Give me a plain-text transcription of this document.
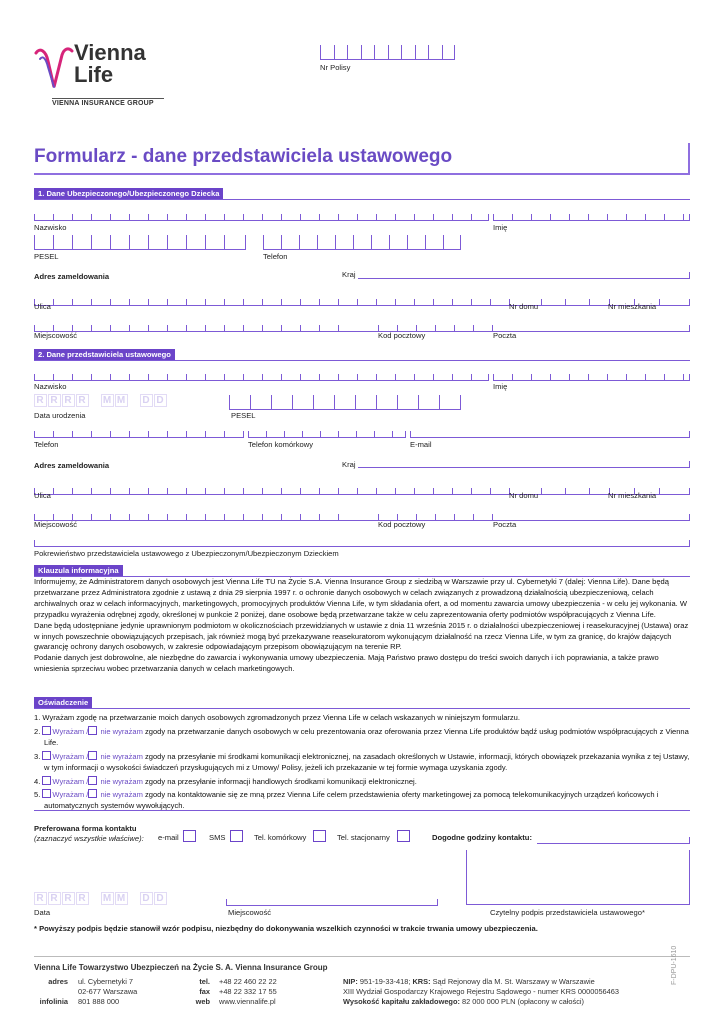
Vienna
Life
VIENNA INSURANCE GROUP
Nr Polisy
Formularz - dane przedstawiciela ustawowego
1. Dane Ubezpieczonego/Ubezpieczonego Dziecka
Nazwisko	Imię
PESEL	Telefon
Adres zameldowania	Kraj
Ulica	Nr domu	Nr mieszkania
Miejscowość	Kod pocztowy	Poczta
2. Dane przedstawiciela ustawowego
Nazwisko	Imię
R R R R M M D D
Data urodzenia	PESEL
Telefon	Telefon komórkowy	E-mail
Adres zameldowania	Kraj
Ulica	Nr domu	Nr mieszkania
Miejscowość	Kod pocztowy	Poczta
Pokrewieństwo przedstawiciela ustawowego z Ubezpieczonym/Ubezpieczonym Dzieckiem
Klauzula informacyjna
Informujemy, że Administratorem danych osobowych jest Vienna Life TU na Życie S.A. Vienna Insurance Group z siedzibą w Warszawie przy ul. Cybernetyki 7 (dalej: Vienna Life). Dane będą przetwarzane przez Administratora zgodnie z ustawą z dnia 29 sierpnia 1997 r. o ochronie danych osobowych w celach związanych z prowadzoną działalnością ubezpieczeniową, celach archiwalnych oraz w celach informacyjnych, marketingowych, promocyjnych produktów Vienna Life, w tym składania ofert, a od momentu zawarcia umowy ubezpieczenia - w celu jej wykonania. W przypadku wyrażenia odrębnej zgody, określonej w punkcie 2 poniżej, dane osobowe będą przetwarzane także w celu zaprezentowania oferty podmiotów współpracujących z Vienna Life.
Dane będą udostępniane jedynie uprawnionym podmiotom w okolicznościach przewidzianych w ustawie z dnia 11 września 2015 r. o działalności ubezpieczeniowej i reasekuracyjnej (Ustawa) oraz w innych powszechnie obowiązujących przepisach, jak również mogą być przekazywane reasekuratorom wykonującym działalność na rzecz Vienna Life, w tym za granicę, do krajów dających gwarancję ochrony danych osobowych, w zakresie odpowiadającym przepisom obowiązującym na terenie RP.
Podanie danych jest dobrowolne, ale niezbędne do zawarcia i wykonywania umowy ubezpieczenia. Mają Państwo prawo dostępu do treści swoich danych i ich poprawiania, a także prawo wniesienia sprzeciwu wobec przetwarzania danych w celach marketingowych.
Oświadczenie
1. Wyrażam zgodę na przetwarzanie moich danych osobowych zgromadzonych przez Vienna Life w celach wskazanych w niniejszym formularzu.
2. Wyrażam / nie wyrażam zgody na przetwarzanie danych osobowych w celu prezentowania oraz oferowania przez Vienna Life produktów bądź usług podmiotów współpracujących z Vienna Life.
3. Wyrażam / nie wyrażam zgody na przesyłanie mi środkami komunikacji elektronicznej, na zasadach określonych w Ustawie, informacji, których obowiązek przekazania wynika z tej Ustawy, w tym informacji o wysokości świadczeń przysługujących mi z Umowy/ Polisy, jeżeli ich przekazanie w tej formie wymaga uzyskania zgody.
4. Wyrażam / nie wyrażam zgody na przesyłanie informacji handlowych środkami komunikacji elektronicznej.
5. Wyrażam / nie wyrażam zgody na kontaktowanie się ze mną przez Vienna Life celem przedstawienia oferty marketingowej za pomocą telekomunikacyjnych urządzeń końcowych i automatycznych systemów wywołujących.
Preferowana forma kontaktu
(zaznaczyć wszystkie właściwe): e-mail	SMS	Tel. komórkowy	Tel. stacjonarny	Dogodne godziny kontaktu:
R R R R M M D D
Data	Miejscowość	Czytelny podpis przedstawiciela ustawowego*
* Powyższy podpis będzie stanowił wzór podpisu, niezbędny do dokonywania wszelkich czynności w trakcie trwania umowy ubezpieczenia.
Vienna Life Towarzystwo Ubezpieczeń na Życie S. A. Vienna Insurance Group
adres ul. Cybernetyki 7
02-677 Warszawa
infolinia 801 888 000
tel. +48 22 460 22 22
fax +48 22 332 17 55
web www.viennalife.pl
NIP: 951-19-33-418; KRS: Sąd Rejonowy dla M. St. Warszawy w Warszawie
XIII Wydział Gospodarczy Krajowego Rejestru Sądowego - numer KRS 0000056463
Wysokość kapitału zakładowego: 82 000 000 PLN (opłacony w całości)
F-DPU-1610
